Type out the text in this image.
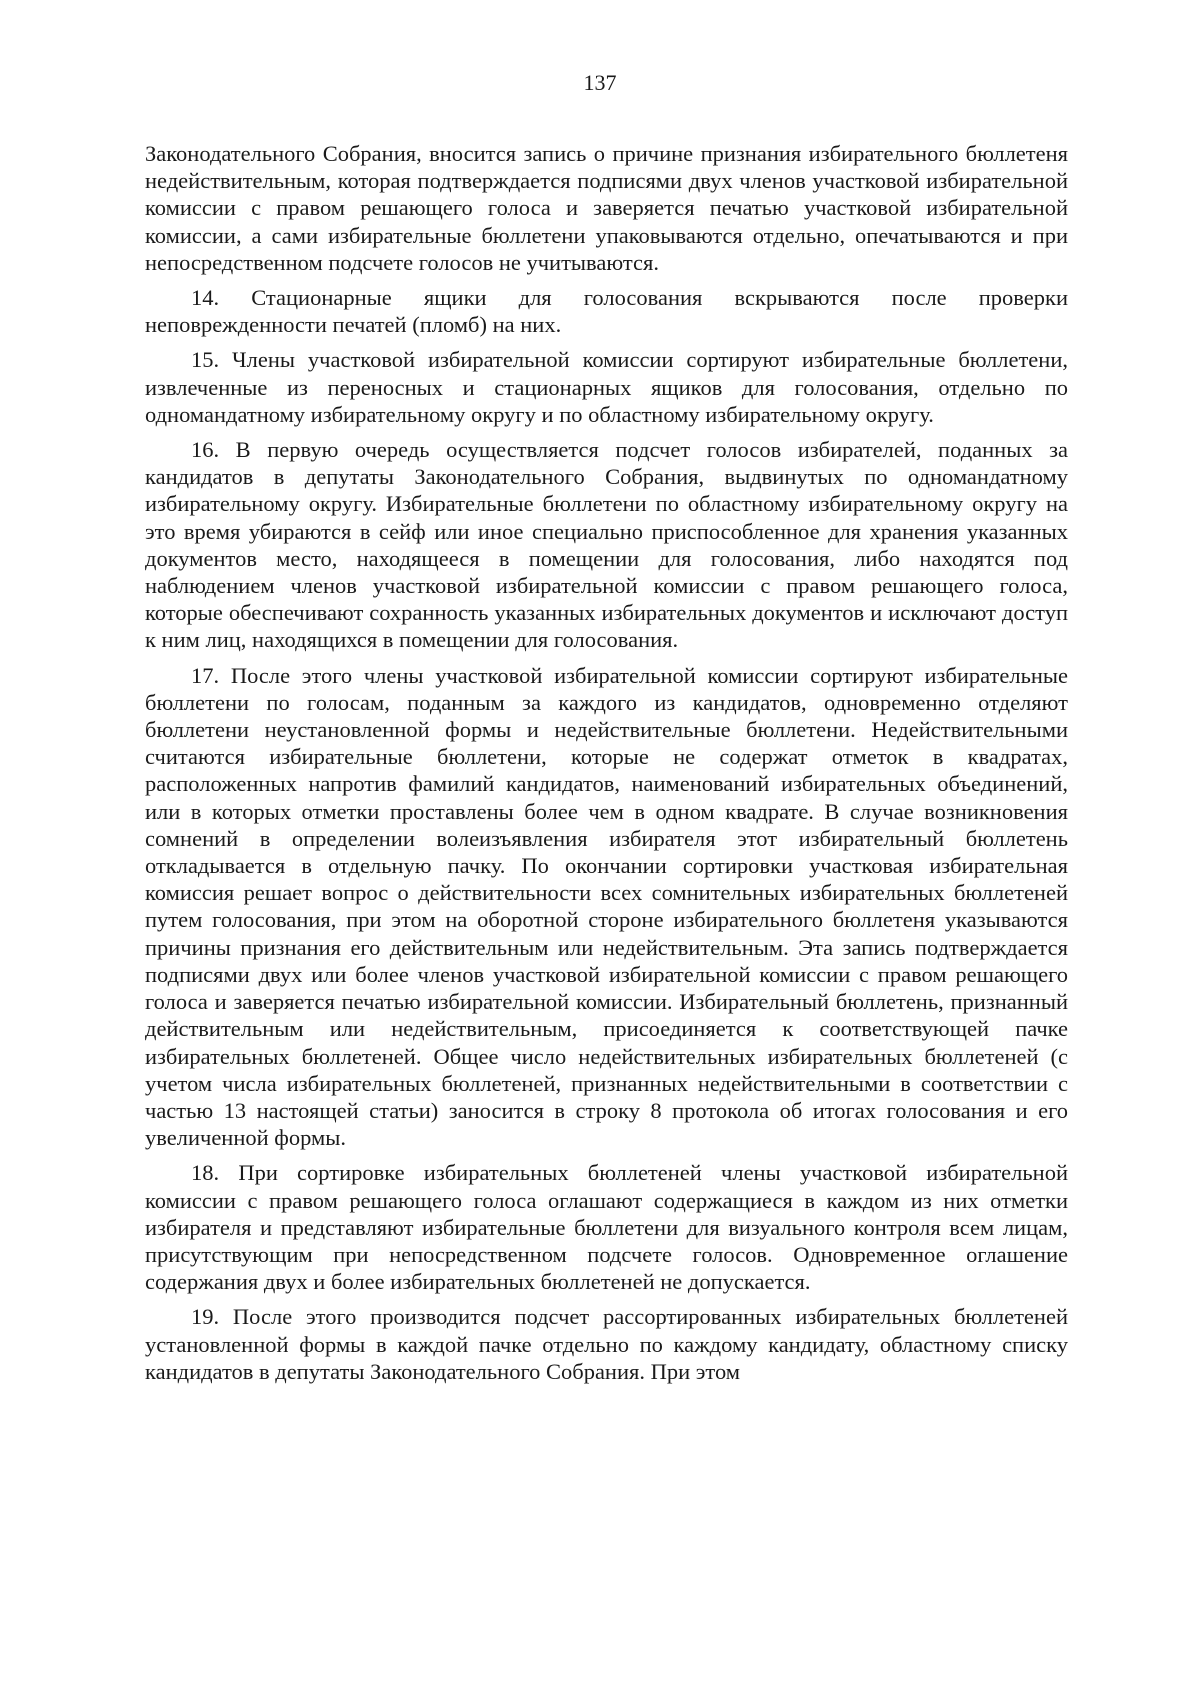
137

Законодательного Собрания, вносится запись о причине признания избирательного бюллетеня недействительным, которая подтверждается подписями двух членов участковой избирательной комиссии с правом решающего голоса и заверяется печатью участковой избирательной комиссии, а сами избирательные бюллетени упаковываются отдельно, опечатываются и при непосредственном подсчете голосов не учитываются.

14. Стационарные ящики для голосования вскрываются после проверки неповрежденности печатей (пломб) на них.

15. Члены участковой избирательной комиссии сортируют избирательные бюллетени, извлеченные из переносных и стационарных ящиков для голосования, отдельно по одномандатному избирательному округу и по областному избирательному округу.

16. В первую очередь осуществляется подсчет голосов избирателей, поданных за кандидатов в депутаты Законодательного Собрания, выдвинутых по одномандатному избирательному округу. Избирательные бюллетени по областному избирательному округу на это время убираются в сейф или иное специально приспособленное для хранения указанных документов место, находящееся в помещении для голосования, либо находятся под наблюдением членов участковой избирательной комиссии с правом решающего голоса, которые обеспечивают сохранность указанных избирательных документов и исключают доступ к ним лиц, находящихся в помещении для голосования.

17. После этого члены участковой избирательной комиссии сортируют избирательные бюллетени по голосам, поданным за каждого из кандидатов, одновременно отделяют бюллетени неустановленной формы и недействительные бюллетени. Недействительными считаются избирательные бюллетени, которые не содержат отметок в квадратах, расположенных напротив фамилий кандидатов, наименований избирательных объединений, или в которых отметки проставлены более чем в одном квадрате. В случае возникновения сомнений в определении волеизъявления избирателя этот избирательный бюллетень откладывается в отдельную пачку. По окончании сортировки участковая избирательная комиссия решает вопрос о действительности всех сомнительных избирательных бюллетеней путем голосования, при этом на оборотной стороне избирательного бюллетеня указываются причины признания его действительным или недействительным. Эта запись подтверждается подписями двух или более членов участковой избирательной комиссии с правом решающего голоса и заверяется печатью избирательной комиссии. Избирательный бюллетень, признанный действительным или недействительным, присоединяется к соответствующей пачке избирательных бюллетеней. Общее число недействительных избирательных бюллетеней (с учетом числа избирательных бюллетеней, признанных недействительными в соответствии с частью 13 настоящей статьи) заносится в строку 8 протокола об итогах голосования и его увеличенной формы.

18. При сортировке избирательных бюллетеней члены участковой избирательной комиссии с правом решающего голоса оглашают содержащиеся в каждом из них отметки избирателя и представляют избирательные бюллетени для визуального контроля всем лицам, присутствующим при непосредственном подсчете голосов. Одновременное оглашение содержания двух и более избирательных бюллетеней не допускается.

19. После этого производится подсчет рассортированных избирательных бюллетеней установленной формы в каждой пачке отдельно по каждому кандидату, областному списку кандидатов в депутаты Законодательного Собрания. При этом
